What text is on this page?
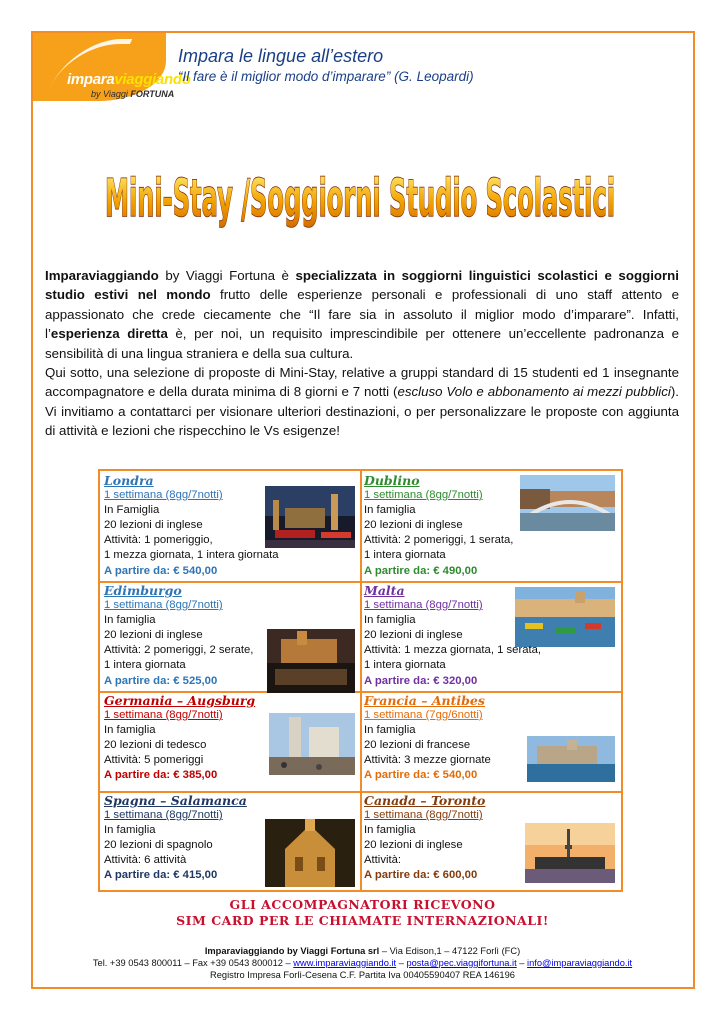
imparaviaggiando
by Viaggi FORTUNA
Impara le lingue all’estero
“Il fare è il miglior modo d’imparare” (G. Leopardi)
Mini-Stay /Soggiorni Studio Scolastici

Imparaviaggiando by Viaggi Fortuna è specializzata in soggiorni linguistici scolastici e soggiorni studio estivi nel mondo frutto delle esperienze personali e professionali di uno staff attento e appassionato che crede ciecamente che “Il fare sia in assoluto il miglior modo d’imparare”. Infatti, l’esperienza diretta è, per noi, un requisito imprescindibile per ottenere un’eccellente padronanza e sensibilità di una lingua straniera e della sua cultura.

Qui sotto, una selezione di proposte di Mini-Stay, relative a gruppi standard di 15 studenti ed 1 insegnante accompagnatore e della durata minima di 8 giorni e 7 notti (escluso Volo e abbonamento ai mezzi pubblici). Vi invitiamo a contattarci per visionare ulteriori destinazioni, o per personalizzare le proposte con aggiunta di attività e lezioni che rispecchino le Vs esigenze!

Londra
1 settimana (8gg/7notti)
In Famiglia
20 lezioni di inglese
Attività: 1 pomeriggio,
1 mezza giornata, 1 intera giornata
A partire da: € 540,00
Dublino
1 settimana (8gg/7notti)
In famiglia
20 lezioni di inglese
Attività: 2 pomeriggi, 1 serata,
1 intera giornata
A partire da: € 490,00
Edimburgo
1 settimana (8gg/7notti)
In famiglia
20 lezioni di inglese
Attività: 2 pomeriggi, 2 serate,
1 intera giornata
A partire da: € 525,00
Malta
1 settimana (8gg/7notti)
In famiglia
20 lezioni di inglese
Attività: 1 mezza giornata, 1 serata,
1 intera giornata
A partire da: € 320,00
Germania – Augsburg
1 settimana (8gg/7notti)
In famiglia
20 lezioni di tedesco
Attività: 5 pomeriggi
A partire da: € 385,00
Francia – Antibes
1 settimana (7gg/6notti)
In famiglia
20 lezioni di francese
Attività: 3 mezze giornate
A partire da: € 540,00
Spagna – Salamanca
1 settimana (8gg/7notti)
In famiglia
20 lezioni di spagnolo
Attività: 6 attività
A partire da: € 415,00
Canada – Toronto
1 settimana (8gg/7notti)
In famiglia
20 lezioni di inglese
Attività:
A partire da: € 600,00
GLI ACCOMPAGNATORI RICEVONO
SIM CARD PER LE CHIAMATE INTERNAZIONALI!
Imparaviaggiando by Viaggi Fortuna srl – Via Edison,1 – 47122 Forlì (FC)
Tel. +39 0543 800011 – Fax +39 0543 800012 – www.imparaviaggiando.it – posta@pec.viaggifortuna.it – info@imparaviaggiando.it
Registro Impresa Forlì-Cesena C.F. Partita Iva 00405590407 REA 146196
